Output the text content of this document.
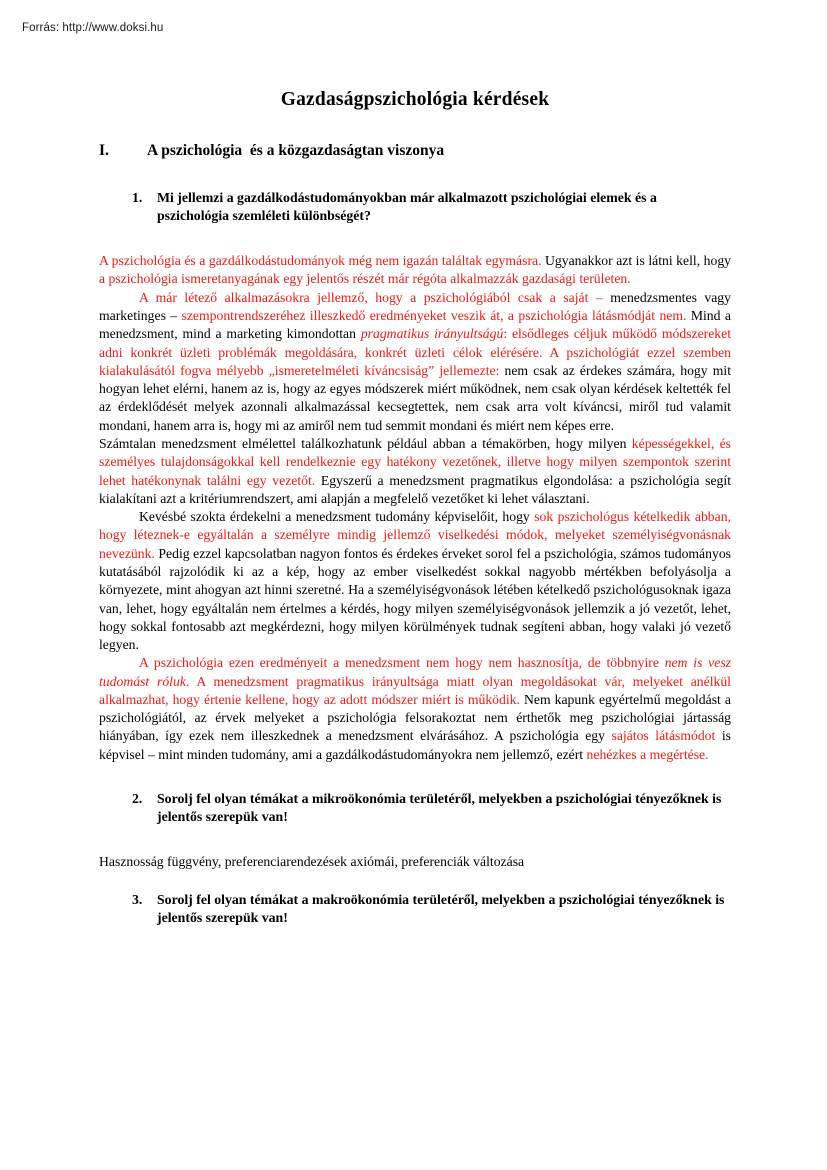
Forrás: http://www.doksi.hu
Gazdaságpszichológia kérdések
I.	A pszichológia  és a közgazdaságtan viszonya
1.	Mi jellemzi a gazdálkodástudományokban már alkalmazott pszichológiai elemek és a pszichológia szemléleti különbségét?

A pszichológia és a gazdálkodástudományok még nem igazán találtak egymásra. Ugyanakkor azt is látni kell, hogy a pszichológia ismeretanyagának egy jelentős részét már régóta alkalmazzák gazdasági területen.

A már létező alkalmazásokra jellemző, hogy a pszichológiából csak a saját – menedzsmentes vagy marketinges – szempontrendszeréhez illeszkedő eredményeket veszik át, a pszichológia látásmódját nem. Mind a menedzsment, mind a marketing kimondottan pragmatikus irányultságú: elsődleges céljuk működő módszereket adni konkrét üzleti problémák megoldására, konkrét üzleti célok elérésére. A pszichológiát ezzel szemben kialakulásától fogva mélyebb „ismeretelméleti kíváncsiság” jellemezte: nem csak az érdekes számára, hogy mit hogyan lehet elérni, hanem az is, hogy az egyes módszerek miért működnek, nem csak olyan kérdések keltették fel az érdeklődését melyek azonnali alkalmazással kecsegtettek, nem csak arra volt kíváncsi, miről tud valamit mondani, hanem arra is, hogy mi az amiről nem tud semmit mondani és miért nem képes erre.

Számtalan menedzsment elmélettel találkozhatunk például abban a témakörben, hogy milyen képességekkel, és személyes tulajdonságokkal kell rendelkeznie egy hatékony vezetőnek, illetve hogy milyen szempontok szerint lehet hatékonynak találni egy vezetőt. Egyszerű a menedzsment pragmatikus elgondolása: a pszichológia segít kialakítani azt a kritériumrendszert, ami alapján a megfelelő vezetőket ki lehet választani.

Kevésbé szokta érdekelni a menedzsment tudomány képviselőit, hogy sok pszichológus kételkedik abban, hogy léteznek-e egyáltalán a személyre mindig jellemző viselkedési módok, melyeket személyiségvonásnak nevezünk. Pedig ezzel kapcsolatban nagyon fontos és érdekes érveket sorol fel a pszichológia, számos tudományos kutatásából rajzolódik ki az a kép, hogy az ember viselkedést sokkal nagyobb mértékben befolyásolja a környezete, mint ahogyan azt hinni szeretné. Ha a személyiségvonások létében kételkedő pszichológusoknak igaza van, lehet, hogy egyáltalán nem értelmes a kérdés, hogy milyen személyiségvonások jellemzik a jó vezetőt, lehet, hogy sokkal fontosabb azt megkérdezni, hogy milyen körülmények tudnak segíteni abban, hogy valaki jó vezető legyen.

A pszichológia ezen eredményeit a menedzsment nem hogy nem hasznosítja, de többnyire nem is vesz tudomást róluk. A menedzsment pragmatikus irányultsága miatt olyan megoldásokat vár, melyeket anélkül alkalmazhat, hogy értenie kellene, hogy az adott módszer miért is működik. Nem kapunk egyértelmű megoldást a pszichológiától, az érvek melyeket a pszichológia felsorakoztat nem érthetők meg pszichológiai jártasság hiányában, így ezek nem illeszkednek a menedzsment elvárásához. A pszichológia egy sajátos látásmódot is képvisel – mint minden tudomány, ami a gazdálkodástudományokra nem jellemző, ezért nehézkes a megértése.

2.	Sorolj fel olyan témákat a mikroökonómia területéről, melyekben a pszichológiai tényezőknek is jelentős szerepük van!

Hasznosság függvény, preferenciarendezések axiómái, preferenciák változása

3.	Sorolj fel olyan témákat a makroökonómia területéről, melyekben a pszichológiai tényezőknek is jelentős szerepük van!
